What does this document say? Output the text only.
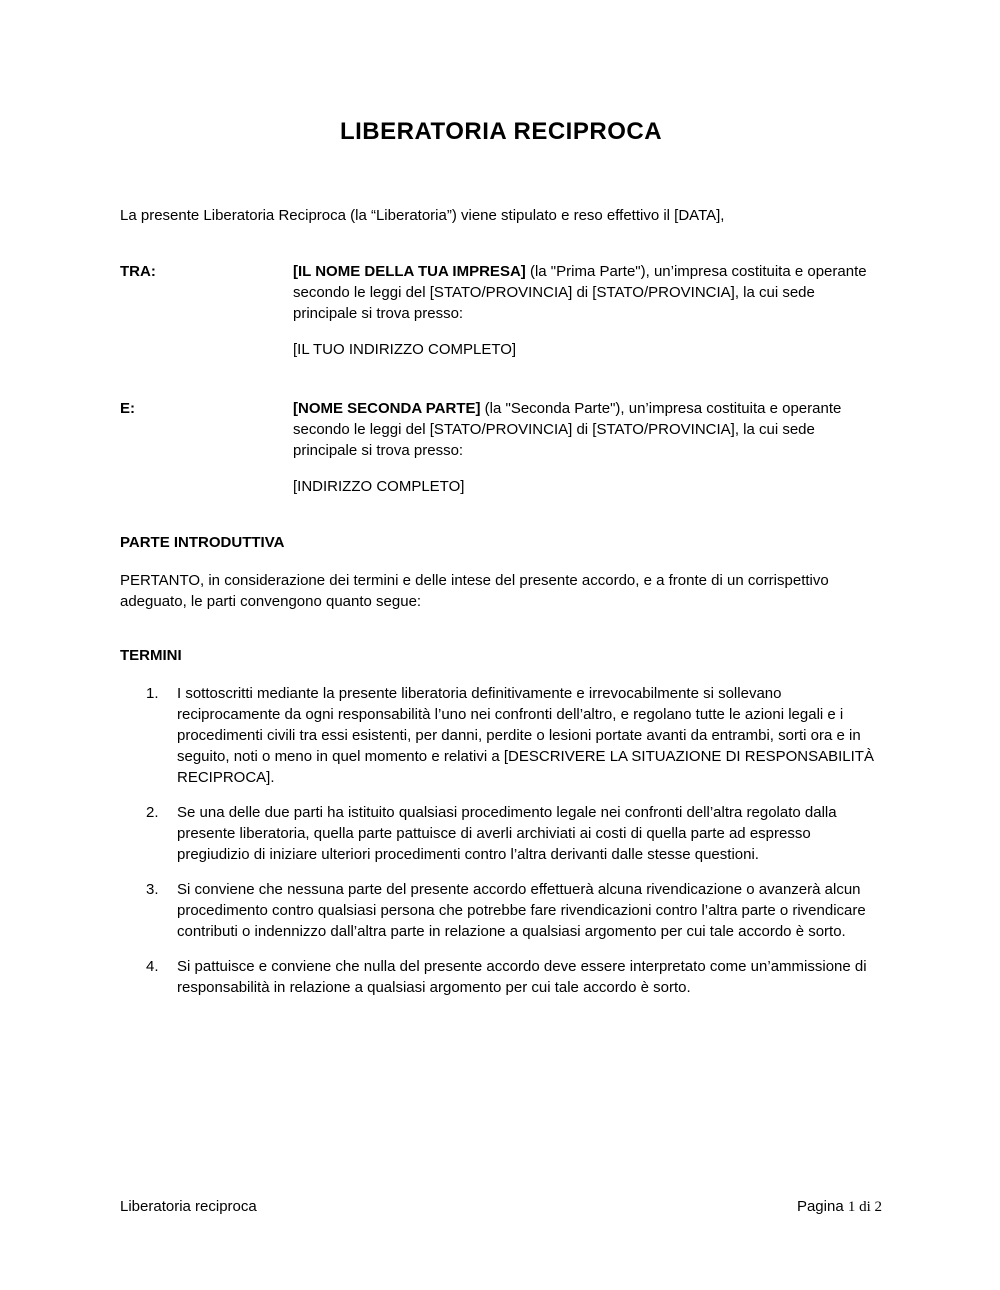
LIBERATORIA RECIPROCA

La presente Liberatoria Reciproca (la “Liberatoria”) viene stipulato e reso effettivo il [DATA],

TRA:	[IL NOME DELLA TUA IMPRESA] (la "Prima Parte"), un’impresa costituita e operante secondo le leggi del [STATO/PROVINCIA] di [STATO/PROVINCIA], la cui sede principale si trova presso:

[IL TUO INDIRIZZO COMPLETO]

E:	[NOME SECONDA PARTE] (la "Seconda Parte"), un’impresa costituita e operante secondo le leggi del [STATO/PROVINCIA] di [STATO/PROVINCIA], la cui sede principale si trova presso:

[INDIRIZZO COMPLETO]

PARTE INTRODUTTIVA

PERTANTO, in considerazione dei termini e delle intese del presente accordo, e a fronte di un corrispettivo adeguato, le parti convengono quanto segue:

TERMINI

1.	I sottoscritti mediante la presente liberatoria definitivamente e irrevocabilmente si sollevano reciprocamente da ogni responsabilità l’uno nei confronti dell’altro, e regolano tutte le azioni legali e i procedimenti civili tra essi esistenti, per danni, perdite o lesioni portate avanti da entrambi, sorti ora e in seguito, noti o meno in quel momento e relativi a [DESCRIVERE LA SITUAZIONE DI RESPONSABILITÀ RECIPROCA].
2.	Se una delle due parti ha istituito qualsiasi procedimento legale nei confronti dell’altra regolato dalla presente liberatoria, quella parte pattuisce di averli archiviati ai costi di quella parte ad espresso pregiudizio di iniziare ulteriori procedimenti contro l’altra derivanti dalle stesse questioni.
3.	Si conviene che nessuna parte del presente accordo effettuerà alcuna rivendicazione o avanzerà alcun procedimento contro qualsiasi persona che potrebbe fare rivendicazioni contro l’altra parte o rivendicare contributi o indennizzo dall’altra parte in relazione a qualsiasi argomento per cui tale accordo è sorto.
4.	Si pattuisce e conviene che nulla del presente accordo deve essere interpretato come un’ammissione di responsabilità in relazione a qualsiasi argomento per cui tale accordo è sorto.
Liberatoria reciproca	Pagina 1 di 2
